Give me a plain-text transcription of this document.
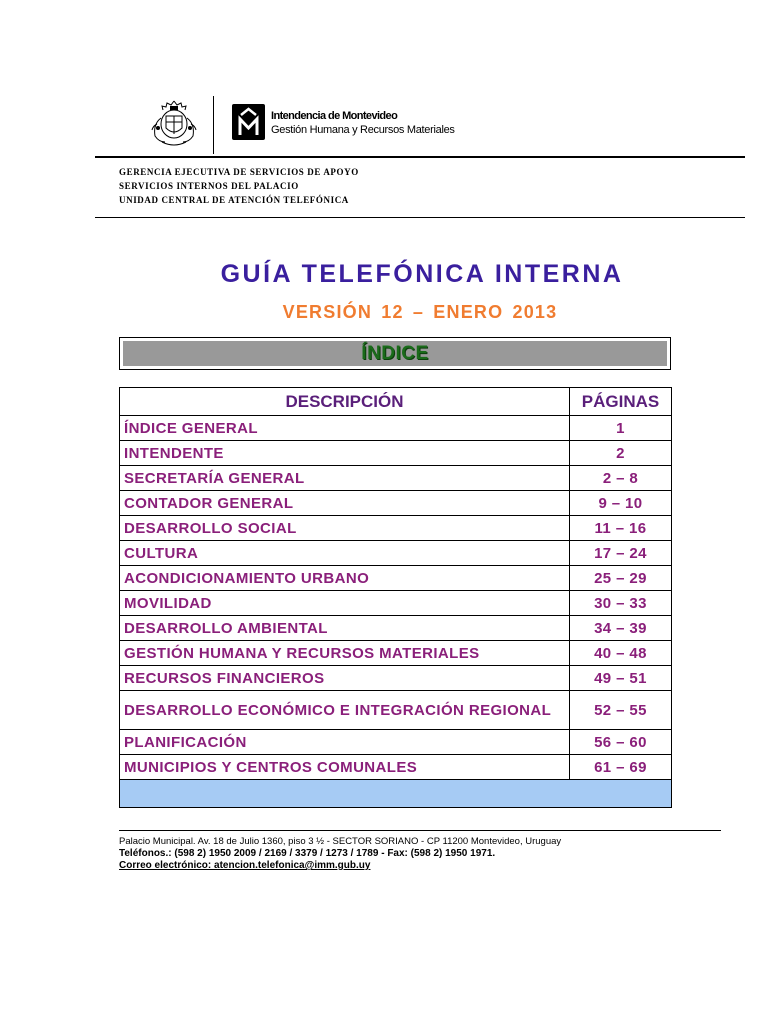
Intendencia de Montevideo
Gestión Humana y Recursos Materiales
GERENCIA EJECUTIVA DE SERVICIOS DE APOYO
SERVICIOS INTERNOS DEL PALACIO
UNIDAD CENTRAL DE ATENCIÓN TELEFÓNICA
GUÍA TELEFÓNICA INTERNA
VERSIÓN 12 – ENERO 2013
ÍNDICE
DESCRIPCIÓN	PÁGINAS
ÍNDICE GENERAL	1
INTENDENTE	2
SECRETARÍA GENERAL	2 – 8
CONTADOR GENERAL	9 – 10
DESARROLLO SOCIAL	11 – 16
CULTURA	17 – 24
ACONDICIONAMIENTO URBANO	25 – 29
MOVILIDAD	30 – 33
DESARROLLO AMBIENTAL	34 – 39
GESTIÓN HUMANA Y RECURSOS MATERIALES	40 – 48
RECURSOS FINANCIEROS	49 – 51
DESARROLLO ECONÓMICO E INTEGRACIÓN REGIONAL	52 – 55
PLANIFICACIÓN	56 – 60
MUNICIPIOS Y CENTROS COMUNALES	61 – 69

Palacio Municipal. Av. 18 de Julio 1360, piso 3 ½ - SECTOR SORIANO - CP 11200 Montevideo, Uruguay
Teléfonos.: (598 2) 1950 2009 / 2169 / 3379 / 1273 / 1789 - Fax: (598 2) 1950 1971.
Correo electrónico: atencion.telefonica@imm.gub.uy
